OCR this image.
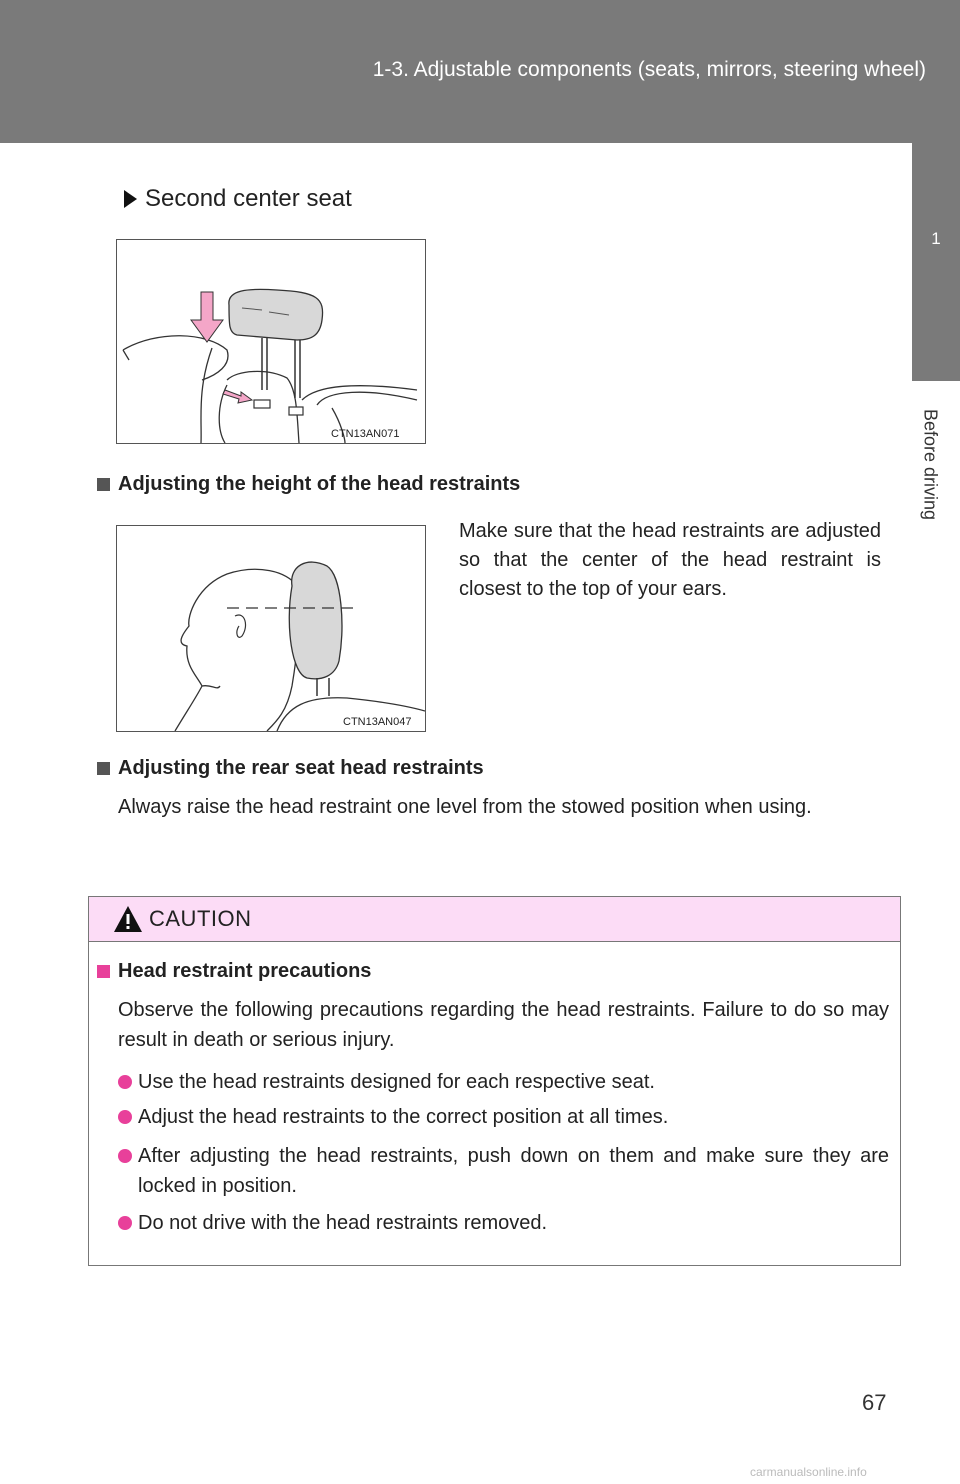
1-3. Adjustable components (seats, mirrors, steering wheel)
1
Before driving
Second center seat
CTN13AN071
Adjusting the height of the head restraints
CTN13AN047
Make sure that the head restraints are adjusted so that the center of the head restraint is closest to the top of your ears.
Adjusting the rear seat head restraints
Always raise the head restraint one level from the stowed position when using.
CAUTION
Head restraint precautions
Observe the following precautions regarding the head restraints. Failure to do so may result in death or serious injury.
Use the head restraints designed for each respective seat.
Adjust the head restraints to the correct position at all times.
After adjusting the head restraints, push down on them and make sure they are locked in position.
Do not drive with the head restraints removed.
67
carmanualsonline.info
